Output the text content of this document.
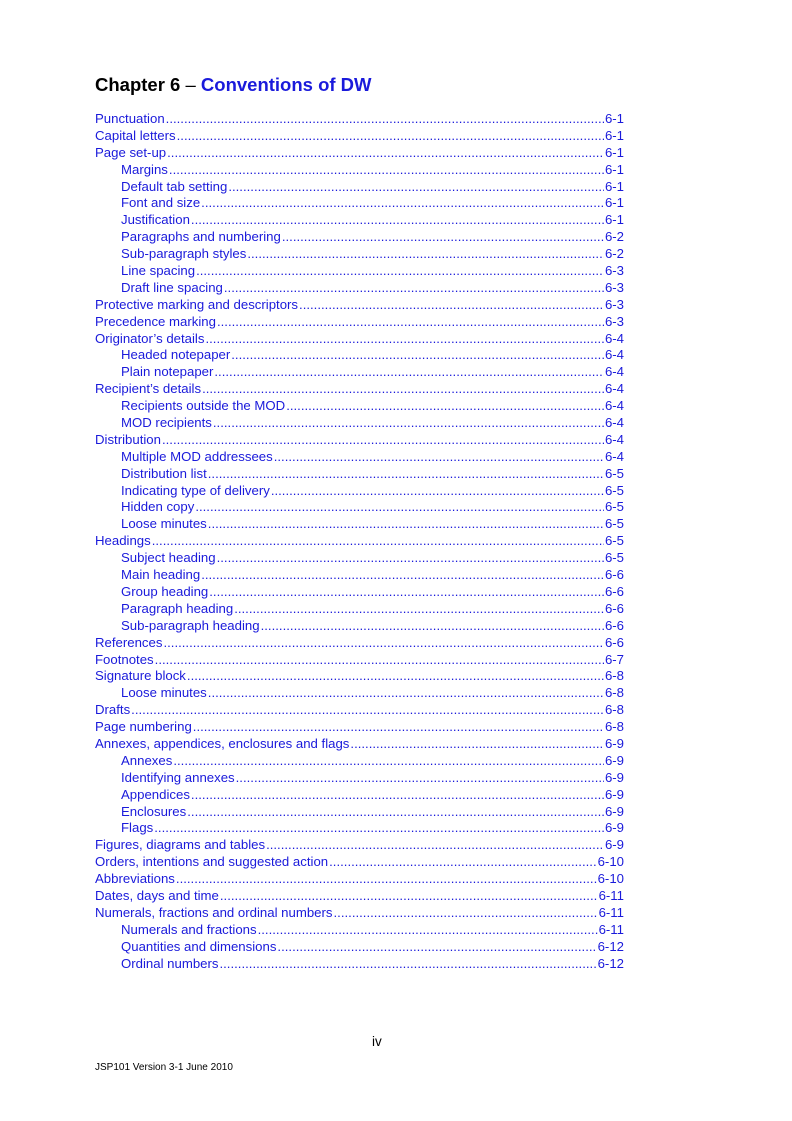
Chapter 6 – Conventions of DW
Punctuation .....	6-1
Capital letters .....	6-1
Page set-up .....	6-1
Margins .....	6-1
Default tab setting .....	6-1
Font and size .....	6-1
Justification .....	6-1
Paragraphs and numbering .....	6-2
Sub-paragraph styles .....	6-2
Line spacing .....	6-3
Draft line spacing .....	6-3
Protective marking and descriptors .....	6-3
Precedence marking .....	6-3
Originator’s details .....	6-4
Headed notepaper .....	6-4
Plain notepaper .....	6-4
Recipient’s details .....	6-4
Recipients outside the MOD .....	6-4
MOD recipients .....	6-4
Distribution .....	6-4
Multiple MOD addressees .....	6-4
Distribution list .....	6-5
Indicating type of delivery .....	6-5
Hidden copy .....	6-5
Loose minutes .....	6-5
Headings .....	6-5
Subject heading .....	6-5
Main heading .....	6-6
Group heading .....	6-6
Paragraph heading .....	6-6
Sub-paragraph heading .....	6-6
References .....	6-6
Footnotes .....	6-7
Signature block .....	6-8
Loose minutes .....	6-8
Drafts .....	6-8
Page numbering .....	6-8
Annexes, appendices, enclosures and flags .....	6-9
Annexes .....	6-9
Identifying annexes .....	6-9
Appendices .....	6-9
Enclosures .....	6-9
Flags .....	6-9
Figures, diagrams and tables .....	6-9
Orders, intentions and suggested action .....	6-10
Abbreviations .....	6-10
Dates, days and time .....	6-11
Numerals, fractions and ordinal numbers .....	6-11
Numerals and fractions .....	6-11
Quantities and dimensions .....	6-12
Ordinal numbers .....	6-12
iv
JSP101 Version 3-1 June 2010
